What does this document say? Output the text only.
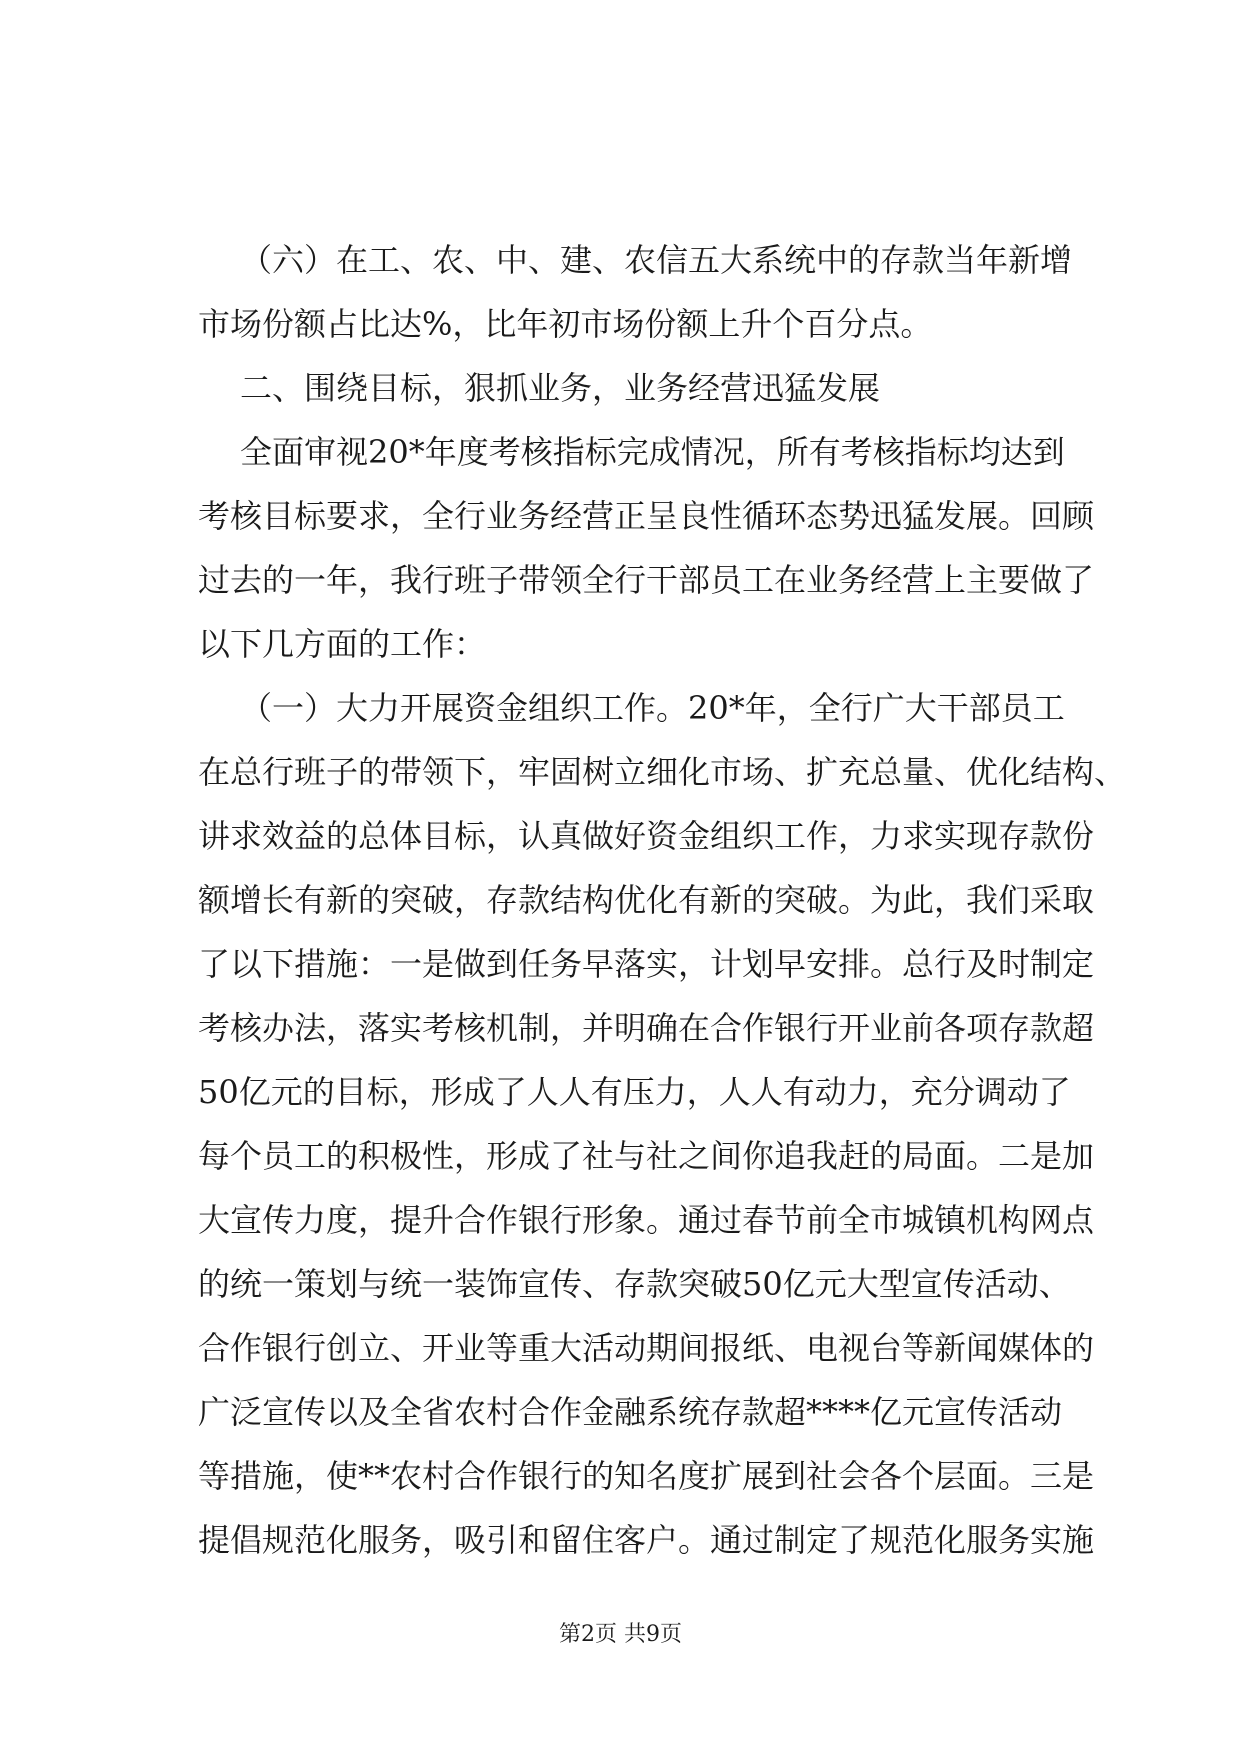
（六）在工、农、中、建、农信五大系统中的存款当年新增
市场份额占比达%，比年初市场份额上升个百分点。
二、围绕目标，狠抓业务，业务经营迅猛发展
全面审视20*年度考核指标完成情况，所有考核指标均达到
考核目标要求，全行业务经营正呈良性循环态势迅猛发展。回顾
过去的一年，我行班子带领全行干部员工在业务经营上主要做了
以下几方面的工作：
（一）大力开展资金组织工作。20*年，全行广大干部员工
在总行班子的带领下，牢固树立细化市场、扩充总量、优化结构、
讲求效益的总体目标，认真做好资金组织工作，力求实现存款份
额增长有新的突破，存款结构优化有新的突破。为此，我们采取
了以下措施：一是做到任务早落实，计划早安排。总行及时制定
考核办法，落实考核机制，并明确在合作银行开业前各项存款超
50亿元的目标，形成了人人有压力，人人有动力，充分调动了
每个员工的积极性，形成了社与社之间你追我赶的局面。二是加
大宣传力度，提升合作银行形象。通过春节前全市城镇机构网点
的统一策划与统一装饰宣传、存款突破50亿元大型宣传活动、
合作银行创立、开业等重大活动期间报纸、电视台等新闻媒体的
广泛宣传以及全省农村合作金融系统存款超****亿元宣传活动
等措施，使**农村合作银行的知名度扩展到社会各个层面。三是
提倡规范化服务，吸引和留住客户。通过制定了规范化服务实施
第2页 共9页
